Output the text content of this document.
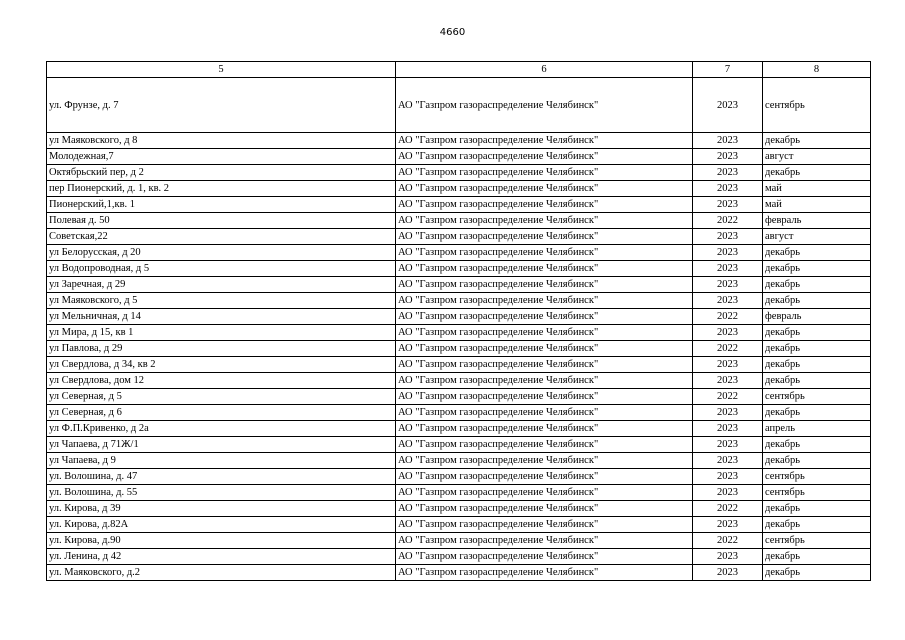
4660
5	6	7	8
ул. Фрунзе, д. 7	АО "Газпром газораспределение Челябинск"	2023	сентябрь
ул Маяковского, д 8	АО "Газпром газораспределение Челябинск"	2023	декабрь
Молодежная,7	АО "Газпром газораспределение Челябинск"	2023	август
Октябрьский пер, д 2	АО "Газпром газораспределение Челябинск"	2023	декабрь
пер Пионерский, д. 1, кв. 2	АО "Газпром газораспределение Челябинск"	2023	май
Пионерский,1,кв. 1	АО "Газпром газораспределение Челябинск"	2023	май
Полевая д. 50	АО "Газпром газораспределение Челябинск"	2022	февраль
Советская,22	АО "Газпром газораспределение Челябинск"	2023	август
ул Белорусская, д 20	АО "Газпром газораспределение Челябинск"	2023	декабрь
ул Водопроводная, д 5	АО "Газпром газораспределение Челябинск"	2023	декабрь
ул Заречная, д 29	АО "Газпром газораспределение Челябинск"	2023	декабрь
ул Маяковского, д 5	АО "Газпром газораспределение Челябинск"	2023	декабрь
ул Мельничная, д 14	АО "Газпром газораспределение Челябинск"	2022	февраль
ул Мира, д 15, кв 1	АО "Газпром газораспределение Челябинск"	2023	декабрь
ул Павлова, д 29	АО "Газпром газораспределение Челябинск"	2022	декабрь
ул Свердлова, д 34, кв 2	АО "Газпром газораспределение Челябинск"	2023	декабрь
ул Свердлова, дом 12	АО "Газпром газораспределение Челябинск"	2023	декабрь
ул Северная, д 5	АО "Газпром газораспределение Челябинск"	2022	сентябрь
ул Северная, д 6	АО "Газпром газораспределение Челябинск"	2023	декабрь
ул Ф.П.Кривенко, д 2а	АО "Газпром газораспределение Челябинск"	2023	апрель
ул Чапаева, д 71Ж/1	АО "Газпром газораспределение Челябинск"	2023	декабрь
ул Чапаева, д 9	АО "Газпром газораспределение Челябинск"	2023	декабрь
ул. Волошина, д. 47	АО "Газпром газораспределение Челябинск"	2023	сентябрь
ул. Волошина, д. 55	АО "Газпром газораспределение Челябинск"	2023	сентябрь
ул. Кирова, д 39	АО "Газпром газораспределение Челябинск"	2022	декабрь
ул. Кирова, д.82А	АО "Газпром газораспределение Челябинск"	2023	декабрь
ул. Кирова, д.90	АО "Газпром газораспределение Челябинск"	2022	сентябрь
ул. Ленина, д 42	АО "Газпром газораспределение Челябинск"	2023	декабрь
ул. Маяковского, д.2	АО "Газпром газораспределение Челябинск"	2023	декабрь
